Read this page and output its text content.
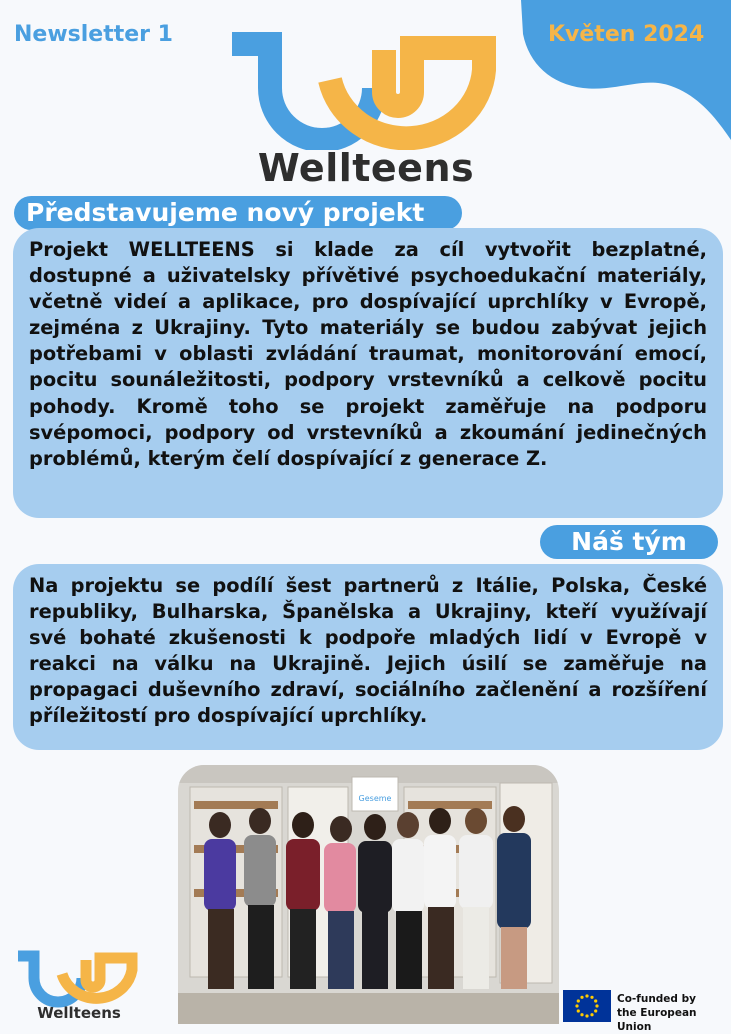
Newsletter 1	Květen 2024
Wellteens
Představujeme nový projekt
Projekt WELLTEENS si klade za cíl vytvořit bezplatné, dostupné a uživatelsky přívětivé psychoedukační materiály, včetně videí a aplikace, pro dospívající uprchlíky v Evropě, zejména z Ukrajiny. Tyto materiály se budou zabývat jejich potřebami v oblasti zvládání traumat, monitorování emocí, pocitu sounáležitosti, podpory vrstevníků a celkově pocitu pohody. Kromě toho se projekt zaměřuje na podporu svépomoci, podpory od vrstevníků a zkoumání jedinečných problémů, kterým čelí dospívající z generace Z.
Náš tým
Na projektu se podílí šest partnerů z Itálie, Polska, České republiky, Bulharska, Španělska a Ukrajiny, kteří využívají své bohaté zkušenosti k podpoře mladých lidí v Evropě v reakci na válku na Ukrajině. Jejich úsilí se zaměřuje na propagaci duševního zdraví, sociálního začlenění a rozšíření příležitostí pro dospívající uprchlíky.
Geseme
Wellteens
Co-funded by
the European Union
